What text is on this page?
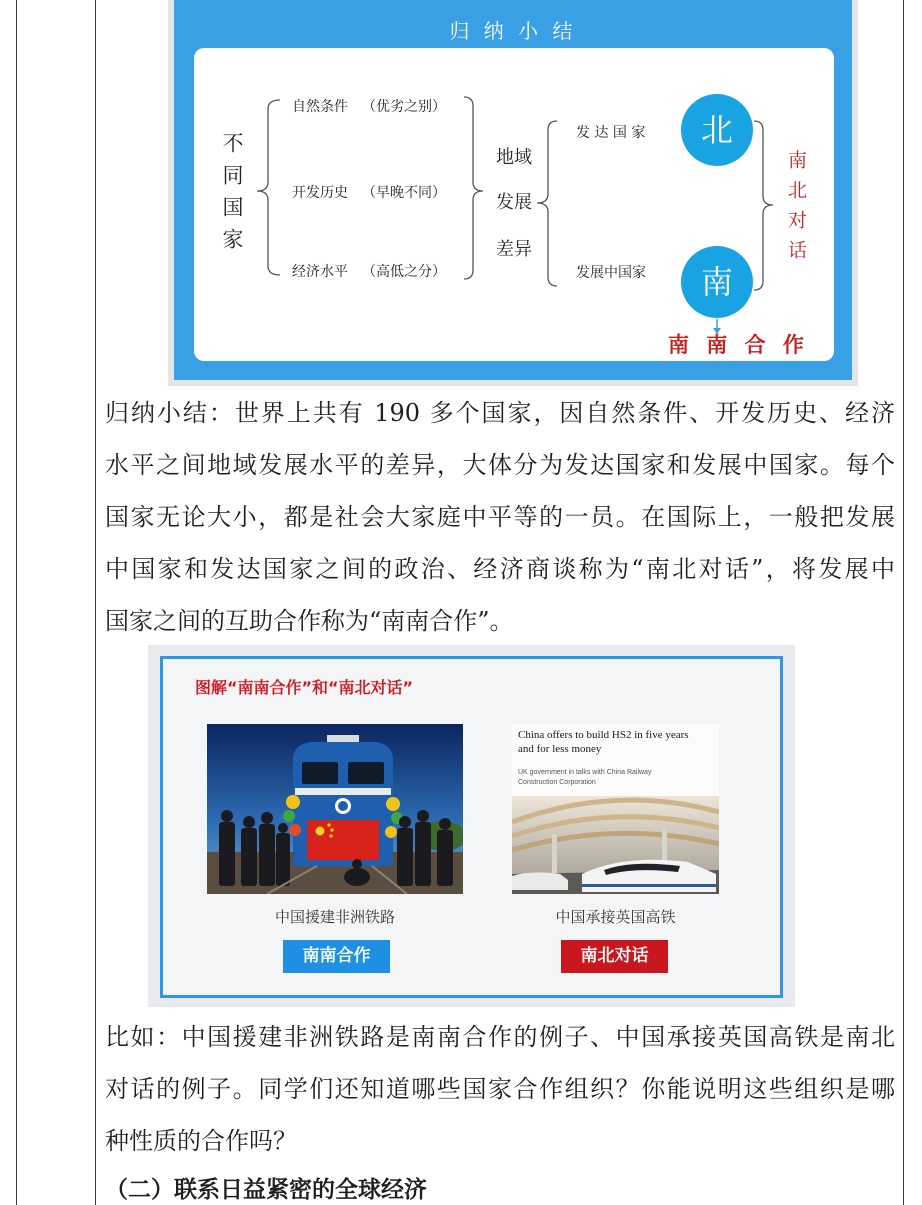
归 纳 小 结
不同国家
自然条件 （优劣之别）
开发历史 （早晚不同）
经济水平 （高低之分）
地域
发展
差异
发 达 国 家
发展中国家
北
南
南北对话
南 南 合 作
归纳小结：世界上共有 190 多个国家，因自然条件、开发历史、经济
水平之间地域发展水平的差异，大体分为发达国家和发展中国家。每个
国家无论大小，都是社会大家庭中平等的一员。在国际上，一般把发展
中国家和发达国家之间的政治、经济商谈称为“南北对话”，将发展中
国家之间的互助合作称为“南南合作”。
图解“南南合作”和“南北对话”
China offers to build HS2 in five years
and for less money
UK government in talks with China Railway
Construction Corporation
中国援建非洲铁路	中国承接英国高铁
南南合作	南北对话
比如：中国援建非洲铁路是南南合作的例子、中国承接英国高铁是南北
对话的例子。同学们还知道哪些国家合作组织？你能说明这些组织是哪
种性质的合作吗？
（二）联系日益紧密的全球经济
